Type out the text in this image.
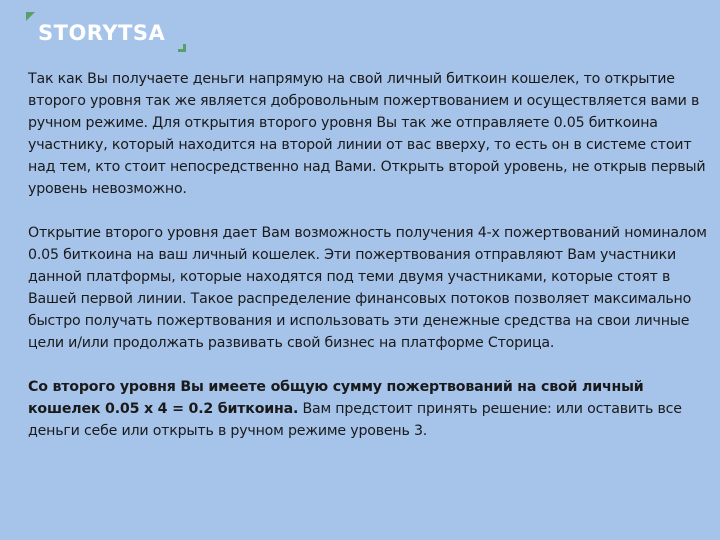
STORYTSA

Так как Вы получаете деньги напрямую на свой личный биткоин кошелек, то открытие второго уровня так же является добровольным пожертвованием и осуществляется вами в ручном режиме. Для открытия второго уровня Вы так же отправляете 0.05 биткоина участнику, который находится на второй линии от вас вверху, то есть он в системе стоит над тем, кто стоит непосредственно над Вами. Открыть второй уровень, не открыв первый уровень невозможно.

Открытие второго уровня дает Вам возможность получения 4-х пожертвований номиналом 0.05 биткоина на ваш личный кошелек. Эти пожертвования отправляют Вам участники данной платформы, которые находятся под теми двумя участниками, которые стоят в Вашей первой линии. Такое распределение финансовых потоков позволяет максимально быстро получать пожертвования и использовать эти денежные средства на свои личные цели и/или продолжать развивать свой бизнес на платформе Сторица.

Со второго уровня Вы имеете общую сумму пожертвований на свой личный кошелек 0.05 х 4 = 0.2 биткоина. Вам предстоит принять решение: или оставить все деньги себе или открыть в ручном режиме уровень 3.
